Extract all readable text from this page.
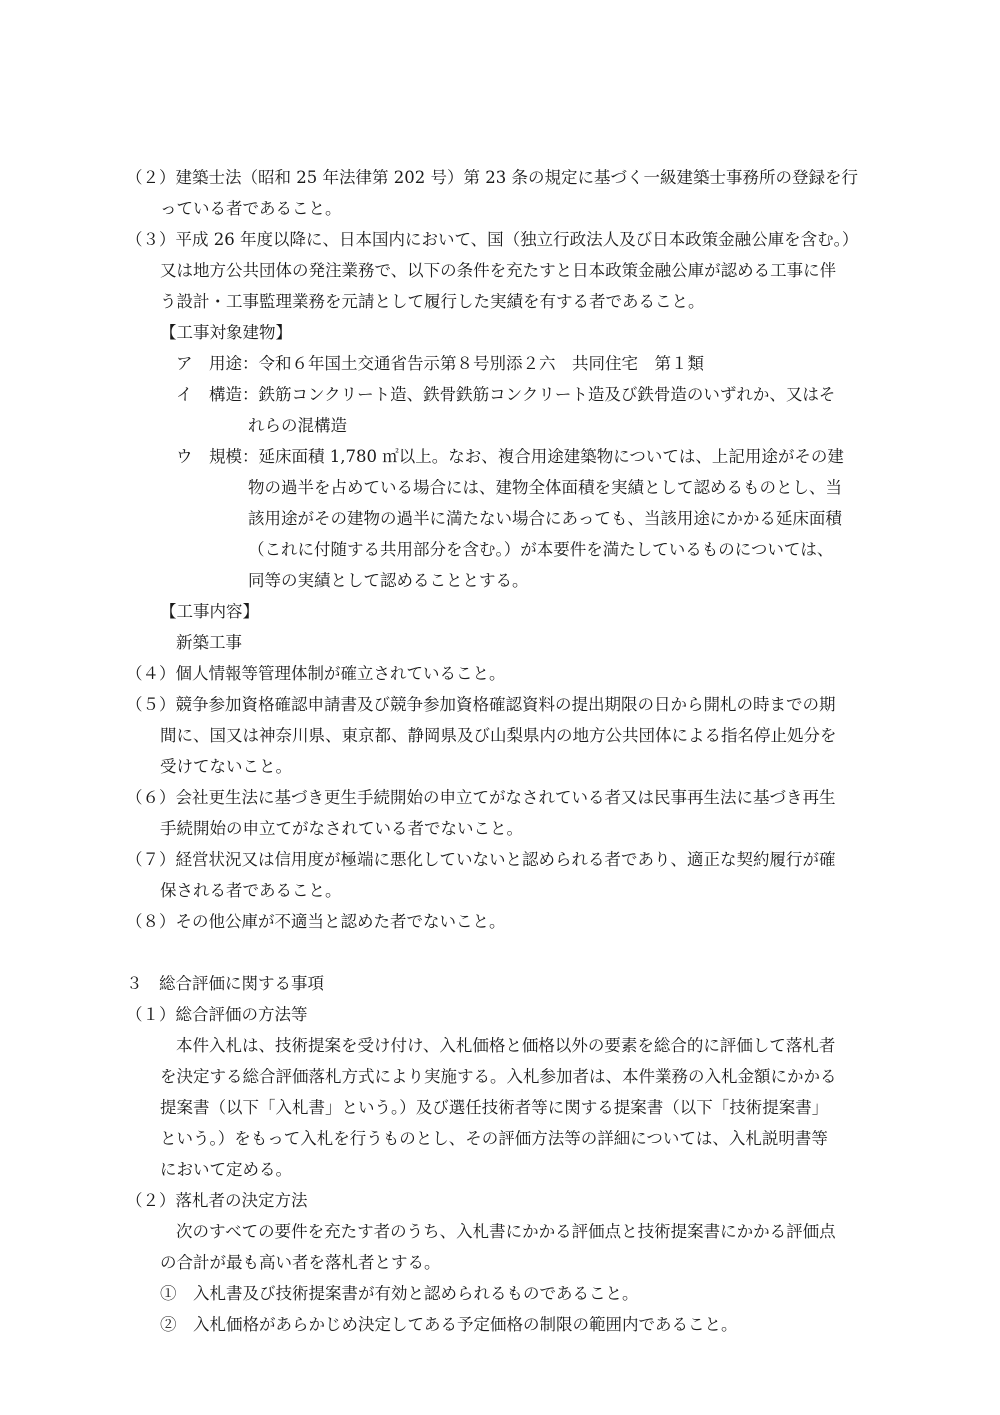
（２）建築士法（昭和 25 年法律第 202 号）第 23 条の規定に基づく一級建築士事務所の登録を行
っている者であること。
（３）平成 26 年度以降に、日本国内において、国（独立行政法人及び日本政策金融公庫を含む。）
又は地方公共団体の発注業務で、以下の条件を充たすと日本政策金融公庫が認める工事に伴
う設計・工事監理業務を元請として履行した実績を有する者であること。
【工事対象建物】
ア　用途：令和６年国土交通省告示第８号別添２六　共同住宅　第１類
イ　構造：鉄筋コンクリート造、鉄骨鉄筋コンクリート造及び鉄骨造のいずれか、又はそ
れらの混構造
ウ　規模：延床面積 1,780 ㎡以上。なお、複合用途建築物については、上記用途がその建
物の過半を占めている場合には、建物全体面積を実績として認めるものとし、当
該用途がその建物の過半に満たない場合にあっても、当該用途にかかる延床面積
（これに付随する共用部分を含む。）が本要件を満たしているものについては、
同等の実績として認めることとする。
【工事内容】
新築工事
（４）個人情報等管理体制が確立されていること。
（５）競争参加資格確認申請書及び競争参加資格確認資料の提出期限の日から開札の時までの期
間に、国又は神奈川県、東京都、静岡県及び山梨県内の地方公共団体による指名停止処分を
受けてないこと。
（６）会社更生法に基づき更生手続開始の申立てがなされている者又は民事再生法に基づき再生
手続開始の申立てがなされている者でないこと。
（７）経営状況又は信用度が極端に悪化していないと認められる者であり、適正な契約履行が確
保される者であること。
（８）その他公庫が不適当と認めた者でないこと。
３　総合評価に関する事項
（１）総合評価の方法等
本件入札は、技術提案を受け付け、入札価格と価格以外の要素を総合的に評価して落札者
を決定する総合評価落札方式により実施する。入札参加者は、本件業務の入札金額にかかる
提案書（以下「入札書」という。）及び選任技術者等に関する提案書（以下「技術提案書」
という。）をもって入札を行うものとし、その評価方法等の詳細については、入札説明書等
において定める。
（２）落札者の決定方法
次のすべての要件を充たす者のうち、入札書にかかる評価点と技術提案書にかかる評価点
の合計が最も高い者を落札者とする。
①　入札書及び技術提案書が有効と認められるものであること。
②　入札価格があらかじめ決定してある予定価格の制限の範囲内であること。
